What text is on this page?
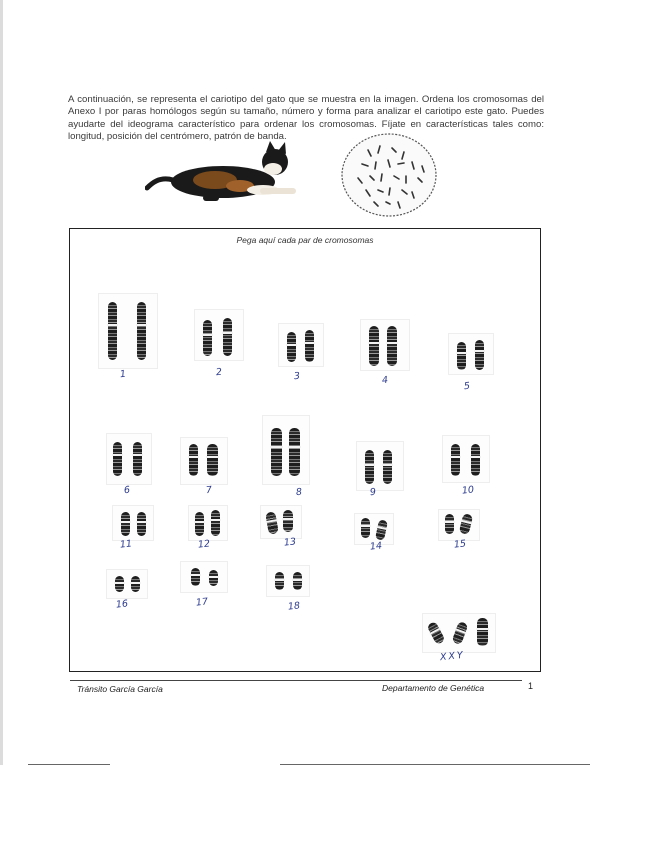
A continuación, se representa el cariotipo del gato que se muestra en la imagen. Ordena los cromosomas del Anexo I por paras homólogos según su tamaño, número y forma para analizar el cariotipo este gato. Puedes ayudarte del ideograma característico para ordenar los cromosomas. Fíjate en características tales como: longitud, posición del centrómero, patrón de banda.

Pega aquí cada par de cromosomas
1	2	3	4
5
6	7	8	9	10
11	12	13	14	15
16	17	18
XXY
Tránsito García García	Departamento de Genética	1
